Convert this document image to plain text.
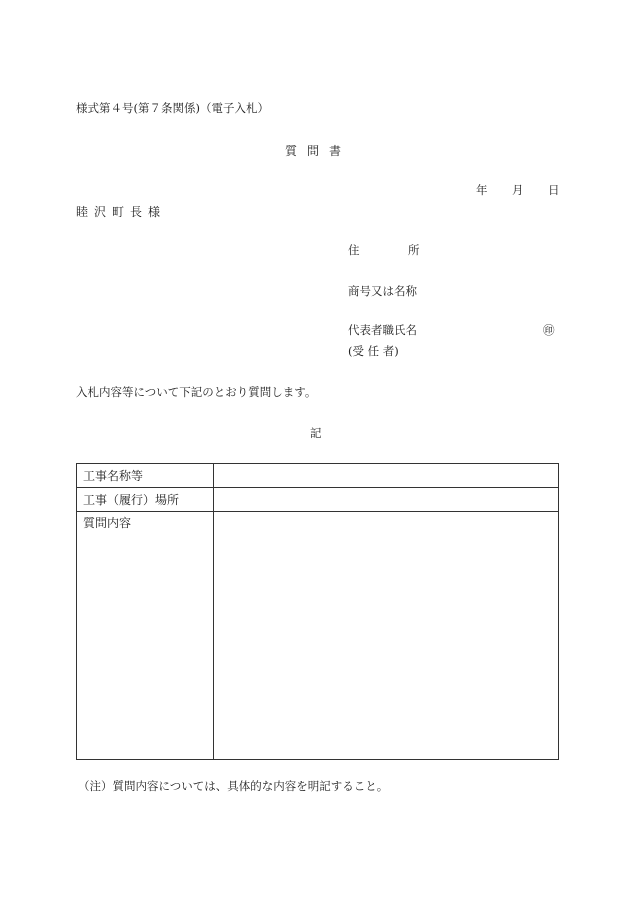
様式第４号(第７条関係)（電子入札）
質問書
年 月 日
睦沢町長様
住	所
商号又は名称
代表者職氏名	㊞
(受 任 者)
入札内容等について下記のとおり質問します。
記
工事名称等	
工事（履行）場所	
質問内容	
（注）質問内容については、具体的な内容を明記すること。
